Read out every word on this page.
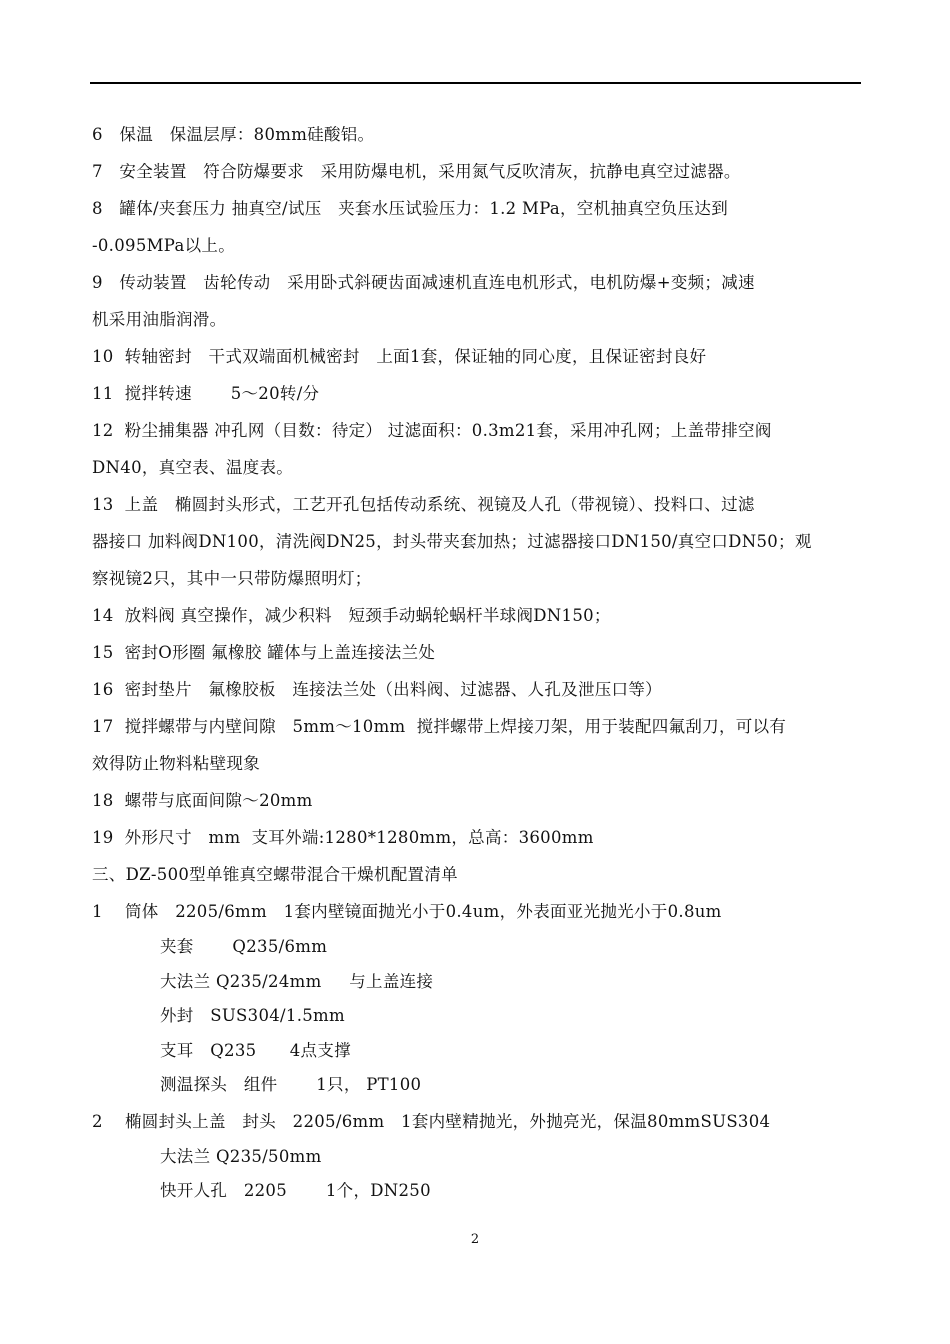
6   保温   保温层厚：80mm硅酸铝。
7   安全装置   符合防爆要求   采用防爆电机，采用氮气反吹清灰，抗静电真空过滤器。
8   罐体/夹套压力 抽真空/试压   夹套水压试验压力：1.2 MPa，空机抽真空负压达到
-0.095MPa以上。
9   传动装置   齿轮传动   采用卧式斜硬齿面减速机直连电机形式，电机防爆+变频；减速
机采用油脂润滑。
10  转轴密封   干式双端面机械密封   上面1套，保证轴的同心度，且保证密封良好
11  搅拌转速       5～20转/分
12  粉尘捕集器 冲孔网（目数：待定） 过滤面积：0.3m21套，采用冲孔网；上盖带排空阀
DN40，真空表、温度表。
13  上盖   椭圆封头形式，工艺开孔包括传动系统、视镜及人孔（带视镜）、投料口、过滤
器接口 加料阀DN100，清洗阀DN25，封头带夹套加热；过滤器接口DN150/真空口DN50；观
察视镜2只，其中一只带防爆照明灯；
14  放料阀 真空操作，减少积料   短颈手动蜗轮蜗杆半球阀DN150；
15  密封O形圈 氟橡胶 罐体与上盖连接法兰处
16  密封垫片   氟橡胶板   连接法兰处（出料阀、过滤器、人孔及泄压口等）
17  搅拌螺带与内壁间隙   5mm～10mm  搅拌螺带上焊接刀架，用于装配四氟刮刀，可以有
效得防止物料粘壁现象
18  螺带与底面间隙～20mm
19  外形尺寸   mm  支耳外端:1280*1280mm，总高：3600mm
三、DZ-500型单锥真空螺带混合干燥机配置清单
1    筒体   2205/6mm   1套内壁镜面抛光小于0.4um，外表面亚光抛光小于0.8um
夹套       Q235/6mm
大法兰 Q235/24mm     与上盖连接
外封   SUS304/1.5mm
支耳   Q235      4点支撑
测温探头   组件       1只， PT100
2    椭圆封头上盖   封头   2205/6mm   1套内壁精抛光，外抛亮光，保温80mmSUS304
大法兰 Q235/50mm
快开人孔   2205       1个，DN250
2
